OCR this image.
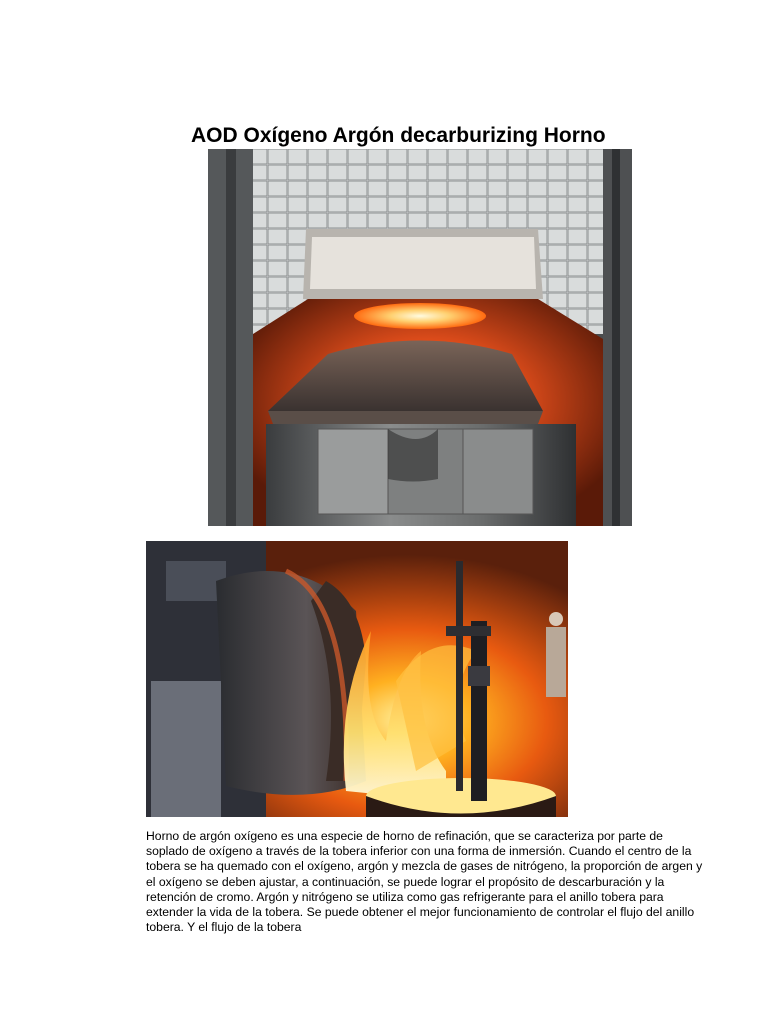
AOD Oxígeno Argón decarburizing Horno

Horno de argón oxígeno es una especie de horno de refinación, que se caracteriza por parte de soplado de oxígeno a través de la tobera inferior con una forma de inmersión. Cuando el centro de la tobera se ha quemado con el oxígeno, argón y mezcla de gases de nitrógeno, la proporción de argen y el oxígeno se deben ajustar, a continuación, se puede lograr el propósito de descarburación y la retención de cromo. Argón y nitrógeno se utiliza como gas refrigerante para el anillo tobera para extender la vida de la tobera. Se puede obtener el mejor funcionamiento de controlar el flujo del anillo tobera. Y el flujo de la tobera
